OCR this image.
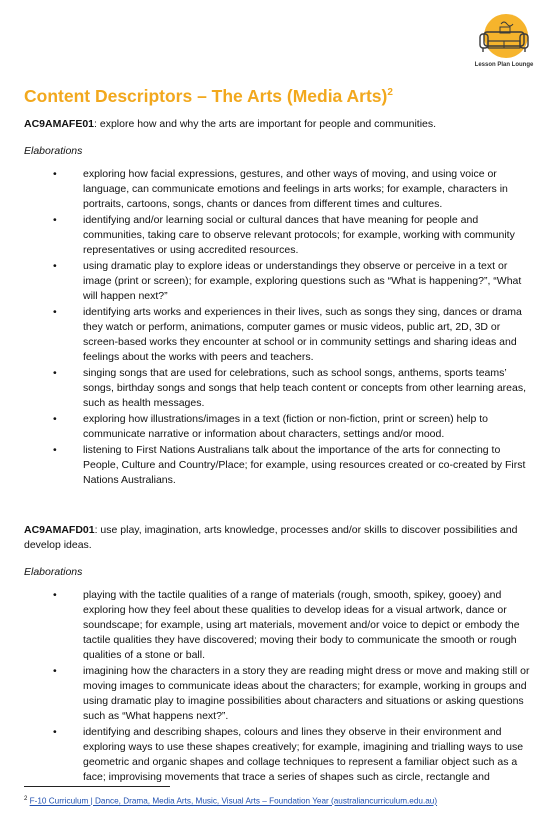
Lesson Plan Lounge
Content Descriptors – The Arts (Media Arts)$^2$

AC9AMAFE01: explore how and why the arts are important for people and communities.

Elaborations

• exploring how facial expressions, gestures, and other ways of moving, and using voice or language, can communicate emotions and feelings in arts works; for example, characters in portraits, cartoons, songs, chants or dances from different times and cultures.
• identifying and/or learning social or cultural dances that have meaning for people and communities, taking care to observe relevant protocols; for example, working with community representatives or using accredited resources.
• using dramatic play to explore ideas or understandings they observe or perceive in a text or image (print or screen); for example, exploring questions such as “What is happening?”, “What will happen next?”
• identifying arts works and experiences in their lives, such as songs they sing, dances or drama they watch or perform, animations, computer games or music videos, public art, 2D, 3D or screen-based works they encounter at school or in community settings and sharing ideas and feelings about the works with peers and teachers.
• singing songs that are used for celebrations, such as school songs, anthems, sports teams’ songs, birthday songs and songs that help teach content or concepts from other learning areas, such as health messages.
• exploring how illustrations/images in a text (fiction or non-fiction, print or screen) help to communicate narrative or information about characters, settings and/or mood.
• listening to First Nations Australians talk about the importance of the arts for connecting to People, Culture and Country/Place; for example, using resources created or co-created by First Nations Australians.

AC9AMAFD01: use play, imagination, arts knowledge, processes and/or skills to discover possibilities and develop ideas.

Elaborations

• playing with the tactile qualities of a range of materials (rough, smooth, spikey, gooey) and exploring how they feel about these qualities to develop ideas for a visual artwork, dance or soundscape; for example, using art materials, movement and/or voice to depict or embody the tactile qualities they have discovered; moving their body to communicate the smooth or rough qualities of a stone or ball.
• imagining how the characters in a story they are reading might dress or move and making still or moving images to communicate ideas about the characters; for example, working in groups and using dramatic play to imagine possibilities about characters and situations or asking questions such as “What happens next?”.
• identifying and describing shapes, colours and lines they observe in their environment and exploring ways to use these shapes creatively; for example, imagining and trialling ways to use geometric and organic shapes and collage techniques to represent a familiar object such as a face; improvising movements that trace a series of shapes such as circle, rectangle and
$^2$ F-10 Curriculum | Dance, Drama, Media Arts, Music, Visual Arts – Foundation Year (australiancurriculum.edu.au)
